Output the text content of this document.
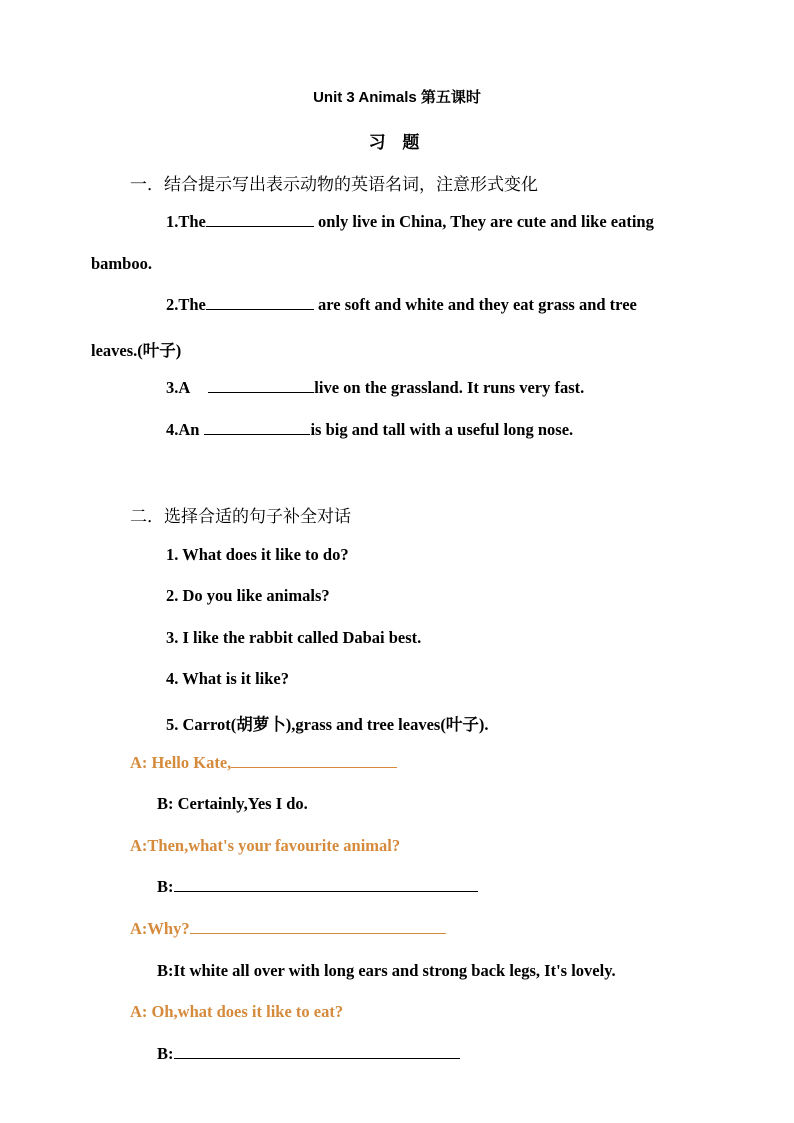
Unit 3 Animals 第五课时
习 题
一．结合提示写出表示动物的英语名词，注意形式变化
1.The	only live in China, They are cute and like eating
bamboo.
2.The	are soft and white and they eat grass and tree
leaves.(叶子)
3.A	live on the grassland. It runs very fast.
4.An	is big and tall with a useful long nose.
二．选择合适的句子补全对话
1. What does it like to do?
2. Do you like animals?
3. I like the rabbit called Dabai best.
4. What is it like?
5. Carrot(胡萝卜),grass and tree leaves(叶子).
A: Hello Kate,
B: Certainly,Yes I do.
A:Then,what's your favourite animal?
B:
A:Why?
B:It white all over with long ears and strong back legs, It's lovely.
A: Oh,what does it like to eat?
B:
